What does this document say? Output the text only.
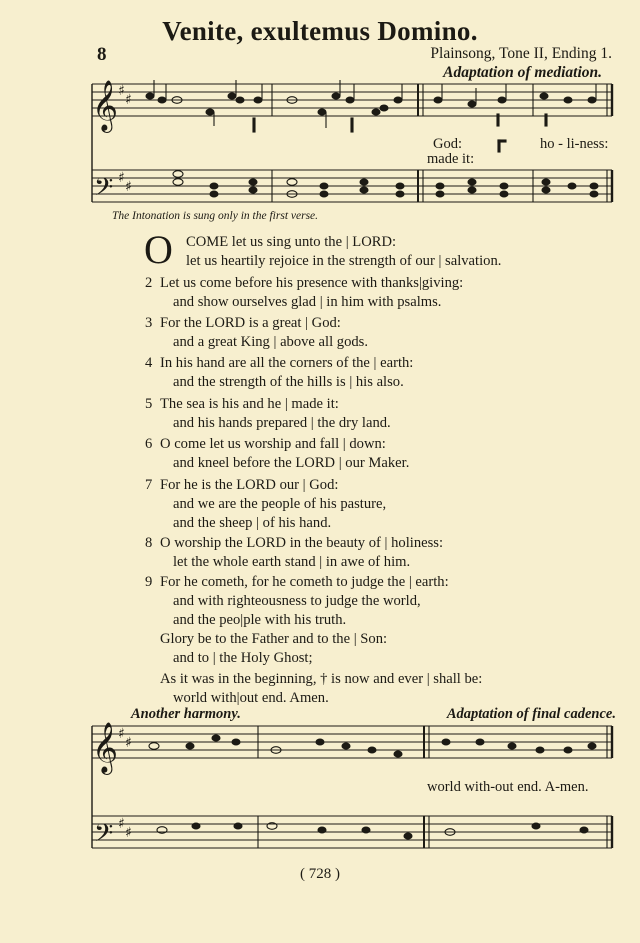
♯
♯
♯
♯
♯
♯
♯
♯
𝄞
𝄢
𝄞
𝄢
Venite, exultemus Domino.
8	Plainsong, Tone II, Ending 1.
Adaptation of mediation.
God:
made it:
ho - li-ness:
The Intonation is sung only in the first verse.
O COME let us sing unto the | LORD:
let us heartily rejoice in the strength of our | salvation.
2 Let us come before his presence with thanks|giving:
and show ourselves glad | in him with psalms.
3 For the LORD is a great | God:
and a great King | above all gods.
4 In his hand are all the corners of the | earth:
and the strength of the hills is | his also.
5 The sea is his and he | made it:
and his hands prepared | the dry land.
6 O come let us worship and fall | down:
and kneel before the LORD | our Maker.
7 For he is the LORD our | God:
and we are the people of his pasture,
and the sheep | of his hand.
8 O worship the LORD in the beauty of | holiness:
let the whole earth stand | in awe of him.
9 For he cometh, for he cometh to judge the | earth:
and with righteousness to judge the world,
and the peo|ple with his truth.
Glory be to the Father and to the | Son:
and to | the Holy Ghost;
As it was in the beginning, † is now and ever | shall be:
world with|out end. Amen.
Another harmony.	Adaptation of final cadence.
world with-out end. A-men.
( 728 )
